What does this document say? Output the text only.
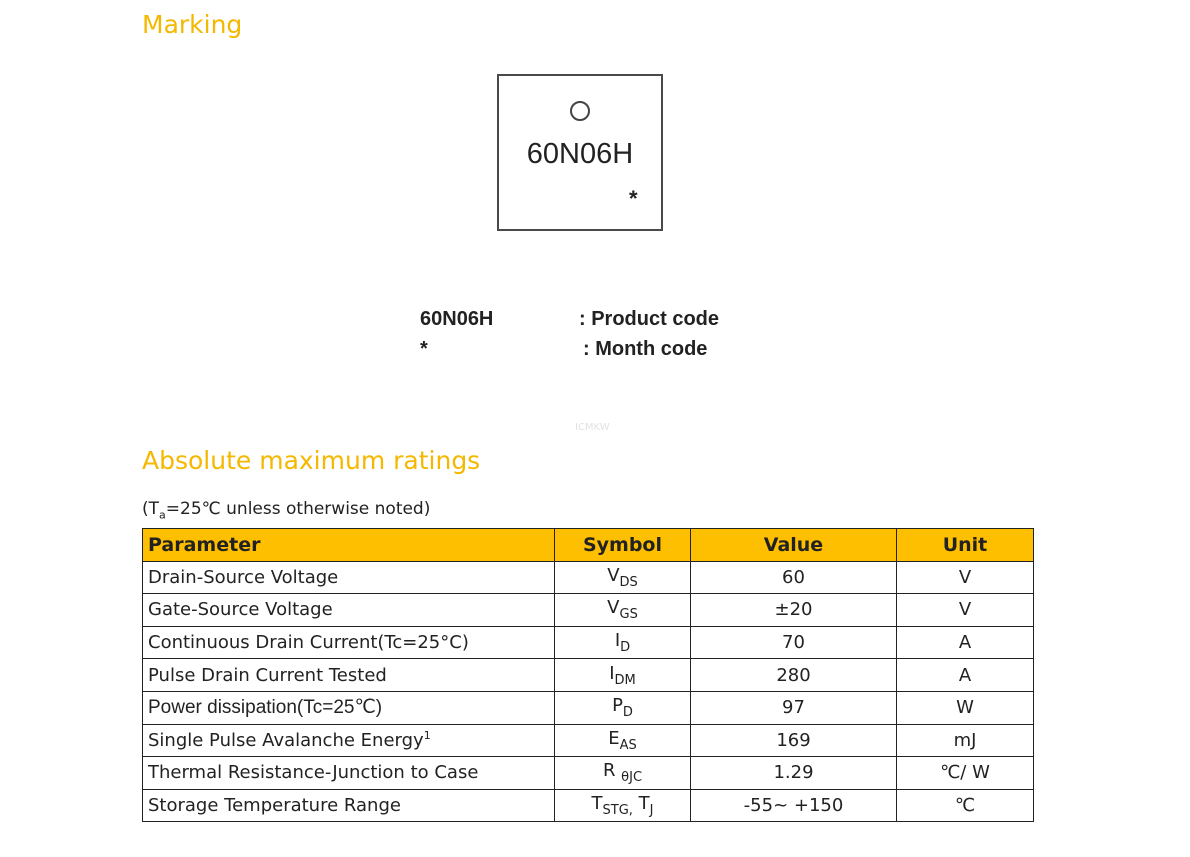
Marking
60N06H
*
60N06H	: Product code
*	: Month code
ICMKW
Absolute maximum ratings
($T_a=25℃$ unless otherwise noted)
Parameter	Symbol	Value	Unit
Drain-Source Voltage	$V_{DS}$	60	V
Gate-Source Voltage	$V_{GS}$	±20	V
Continuous Drain Current(Tc=25°C)	$I_D$	70	A
Pulse Drain Current Tested	$I_{DM}$	280	A
Power dissipation(Tc=25℃)	$P_D$	97	W
Single Pulse Avalanche Energy$^1$	$E_{AS}$	169	mJ
Thermal Resistance-Junction to Case	R $_{\theta JC}$	1.29	℃/ W
Storage Temperature Range	$T_{STG,}$ $T_J$	-55~ +150	℃
